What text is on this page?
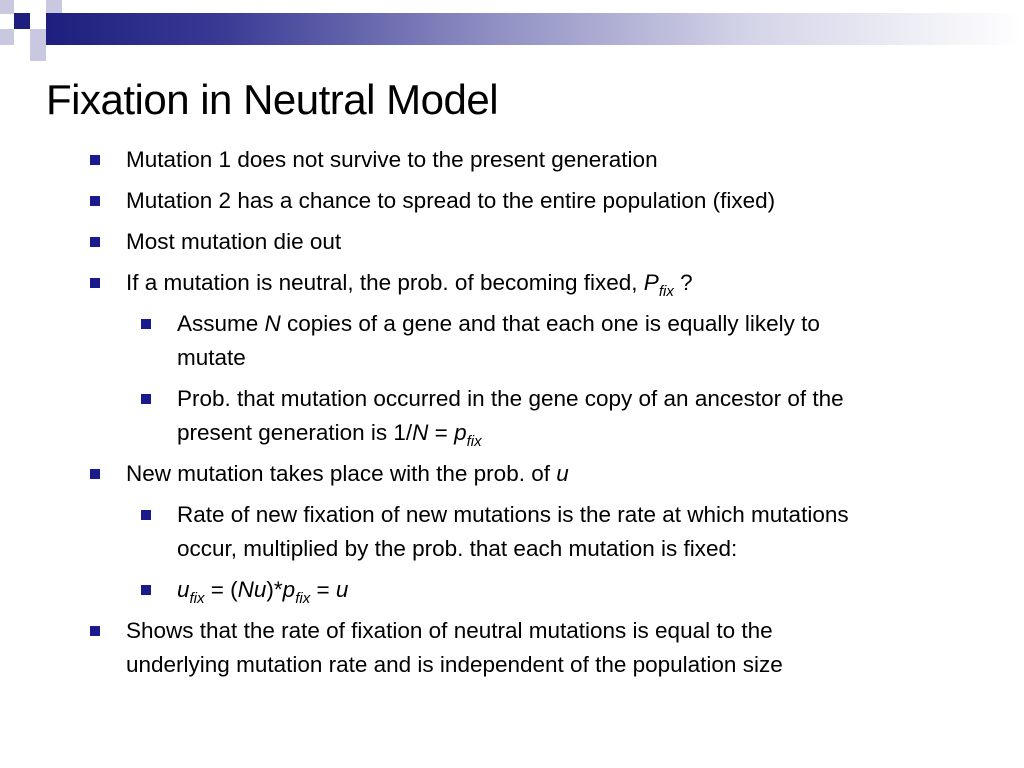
Fixation in Neutral Model
Mutation 1 does not survive to the present generation
Mutation 2 has a chance to spread to the entire population (fixed)
Most mutation die out
If a mutation is neutral, the prob. of becoming fixed, $P_{fix}$ ?
Assume N copies of a gene and that each one is equally likely to
mutate
Prob. that mutation occurred in the gene copy of an ancestor of the
present generation is $1/N = p_{fix}$
New mutation takes place with the prob. of u
Rate of new fixation of new mutations is the rate at which mutations
occur, multiplied by the prob. that each mutation is fixed:
$u_{fix} = (Nu)*p_{fix} = u$
Shows that the rate of fixation of neutral mutations is equal to the
underlying mutation rate and is independent of the population size
